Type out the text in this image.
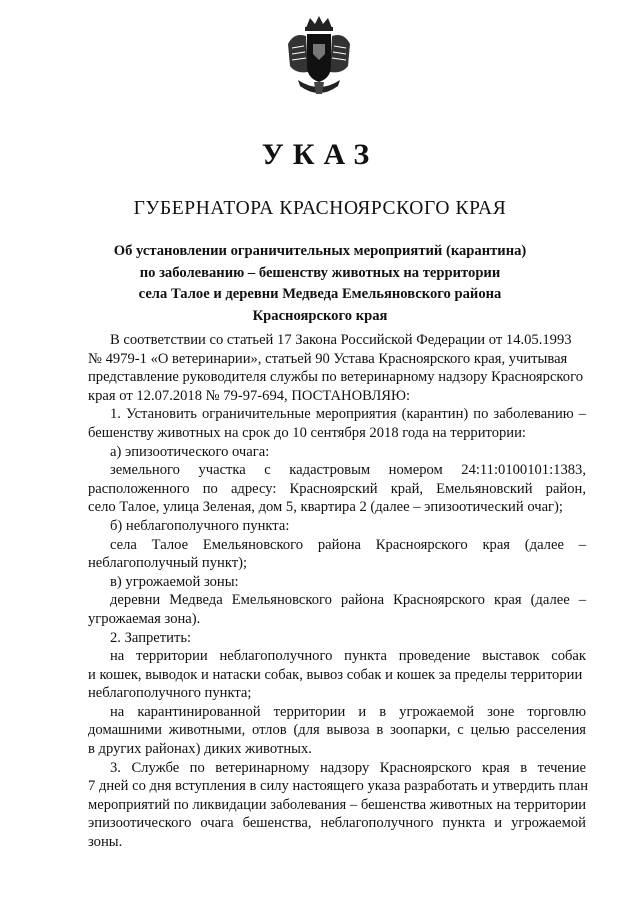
УКАЗ
ГУБЕРНАТОРА КРАСНОЯРСКОГО КРАЯ
Об установлении ограничительных мероприятий (карантина)
по заболеванию – бешенству животных на территории
села Талое и деревни Медведа Емельяновского района
Красноярского края
В соответствии со статьей 17 Закона Российской Федерации от 14.05.1993
№ 4979-1 «О ветеринарии», статьей 90 Устава Красноярского края, учитывая
представление руководителя службы по ветеринарному надзору Красноярского
края от 12.07.2018 № 79-97-694, ПОСТАНОВЛЯЮ:
1. Установить ограничительные мероприятия (карантин) по заболеванию –
бешенству животных на срок до 10 сентября 2018 года на территории:
а) эпизоотического очага:
земельного участка с кадастровым номером 24:11:0100101:1383,
расположенного по адресу: Красноярский край, Емельяновский район,
село Талое, улица Зеленая, дом 5, квартира 2 (далее – эпизоотический очаг);
б) неблагополучного пункта:
села Талое Емельяновского района Красноярского края (далее –
неблагополучный пункт);
в) угрожаемой зоны:
деревни Медведа Емельяновского района Красноярского края (далее –
угрожаемая зона).
2. Запретить:
на территории неблагополучного пункта проведение выставок собак
и кошек, выводок и натаски собак, вывоз собак и кошек за пределы территории
неблагополучного пункта;
на карантинированной территории и в угрожаемой зоне торговлю
домашними животными, отлов (для вывоза в зоопарки, с целью расселения
в других районах) диких животных.
3. Службе по ветеринарному надзору Красноярского края в течение
7 дней со дня вступления в силу настоящего указа разработать и утвердить план
мероприятий по ликвидации заболевания – бешенства животных на территории
эпизоотического очага бешенства, неблагополучного пункта и угрожаемой
зоны.
